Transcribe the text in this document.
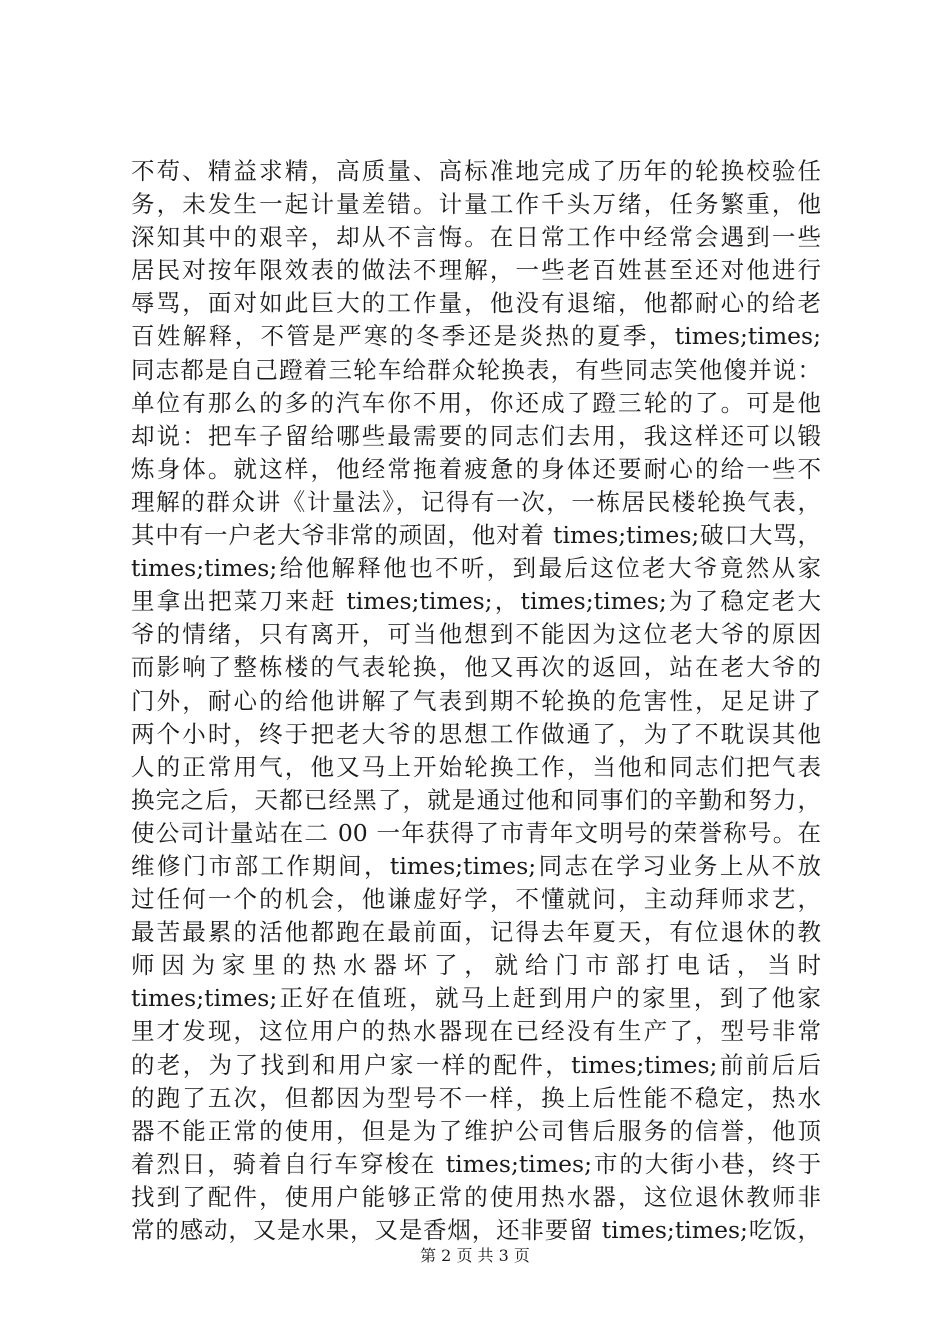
不苟、精益求精，高质量、高标准地完成了历年的轮换校验任
务，未发生一起计量差错。计量工作千头万绪，任务繁重，他
深知其中的艰辛，却从不言悔。在日常工作中经常会遇到一些
居民对按年限效表的做法不理解，一些老百姓甚至还对他进行
辱骂，面对如此巨大的工作量，他没有退缩，他都耐心的给老
百姓解释，不管是严寒的冬季还是炎热的夏季，times;times;
同志都是自己蹬着三轮车给群众轮换表，有些同志笑他傻并说：
单位有那么的多的汽车你不用，你还成了蹬三轮的了。可是他
却说：把车子留给哪些最需要的同志们去用，我这样还可以锻
炼身体。就这样，他经常拖着疲惫的身体还要耐心的给一些不
理解的群众讲《计量法》，记得有一次，一栋居民楼轮换气表，
其中有一户老大爷非常的顽固，他对着 times;times;破口大骂，
times;times;给他解释他也不听，到最后这位老大爷竟然从家
里拿出把菜刀来赶 times;times;，times;times;为了稳定老大
爷的情绪，只有离开，可当他想到不能因为这位老大爷的原因
而影响了整栋楼的气表轮换，他又再次的返回，站在老大爷的
门外，耐心的给他讲解了气表到期不轮换的危害性，足足讲了
两个小时，终于把老大爷的思想工作做通了，为了不耽误其他
人的正常用气，他又马上开始轮换工作，当他和同志们把气表
换完之后，天都已经黑了，就是通过他和同事们的辛勤和努力，
使公司计量站在二 00 一年获得了市青年文明号的荣誉称号。在
维修门市部工作期间，times;times;同志在学习业务上从不放
过任何一个的机会，他谦虚好学，不懂就问，主动拜师求艺，
最苦最累的活他都跑在最前面，记得去年夏天，有位退休的教
师因为家里的热水器坏了，就给门市部打电话，当时
times;times;正好在值班，就马上赶到用户的家里，到了他家
里才发现，这位用户的热水器现在已经没有生产了，型号非常
的老，为了找到和用户家一样的配件，times;times;前前后后
的跑了五次，但都因为型号不一样，换上后性能不稳定，热水
器不能正常的使用，但是为了维护公司售后服务的信誉，他顶
着烈日，骑着自行车穿梭在 times;times;市的大街小巷，终于
找到了配件，使用户能够正常的使用热水器，这位退休教师非
常的感动，又是水果，又是香烟，还非要留 times;times;吃饭，
第 2 页 共 3 页
